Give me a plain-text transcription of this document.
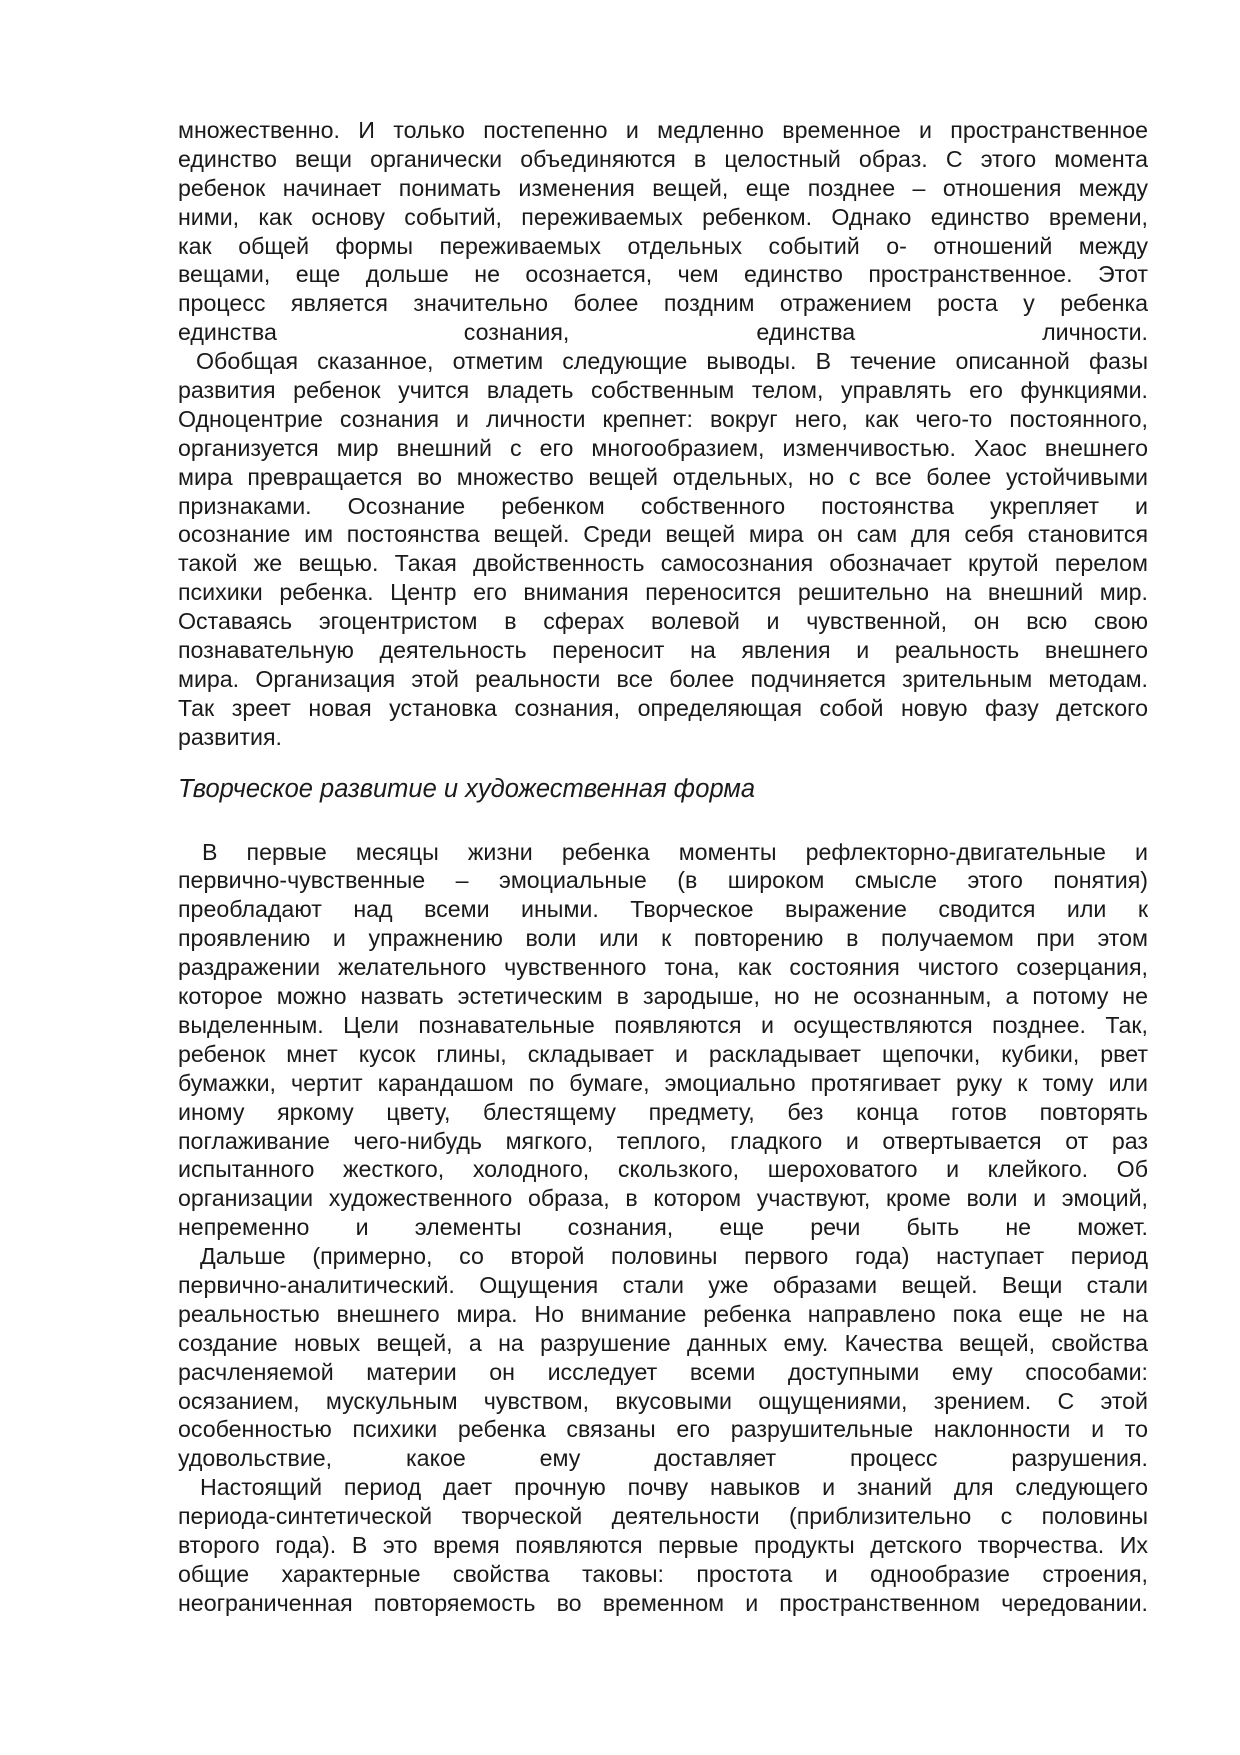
множественно. И только постепенно и медленно временное и пространственное
единство вещи органически объединяются в целостный образ. С этого момента
ребенок начинает понимать изменения вещей, еще позднее – отношения между
ними, как основу событий, переживаемых ребенком. Однако единство времени,
как общей формы переживаемых отдельных событий о- отношений между
вещами, еще дольше не осознается, чем единство пространственное. Этот
процесс является значительно более поздним отражением роста у ребенка
единства сознания, единства личности.
Обобщая сказанное, отметим следующие выводы. В течение описанной фазы
развития ребенок учится владеть собственным телом, управлять его функциями.
Одноцентрие сознания и личности крепнет: вокруг него, как чего-то постоянного,
организуется мир внешний с его многообразием, изменчивостью. Хаос внешнего
мира превращается во множество вещей отдельных, но с все более устойчивыми
признаками. Осознание ребенком собственного постоянства укрепляет и
осознание им постоянства вещей. Среди вещей мира он сам для себя становится
такой же вещью. Такая двойственность самосознания обозначает крутой перелом
психики ребенка. Центр его внимания переносится решительно на внешний мир.
Оставаясь эгоцентристом в сферах волевой и чувственной, он всю свою
познавательную деятельность переносит на явления и реальность внешнего
мира. Организация этой реальности все более подчиняется зрительным методам.
Так зреет новая установка сознания, определяющая собой новую фазу детского
развития.
Творческое развитие и художественная форма
В первые месяцы жизни ребенка моменты рефлекторно-двигательные и
первично-чувственные – эмоциальные (в широком смысле этого понятия)
преобладают над всеми иными. Творческое выражение сводится или к
проявлению и упражнению воли или к повторению в получаемом при этом
раздражении желательного чувственного тона, как состояния чистого созерцания,
которое можно назвать эстетическим в зародыше, но не осознанным, а потому не
выделенным. Цели познавательные появляются и осуществляются позднее. Так,
ребенок мнет кусок глины, складывает и раскладывает щепочки, кубики, рвет
бумажки, чертит карандашом по бумаге, эмоциально протягивает руку к тому или
иному яркому цвету, блестящему предмету, без конца готов повторять
поглаживание чего-нибудь мягкого, теплого, гладкого и отвертывается от раз
испытанного жесткого, холодного, скользкого, шероховатого и клейкого. Об
организации художественного образа, в котором участвуют, кроме воли и эмоций,
непременно и элементы сознания, еще речи быть не может.
Дальше (примерно, со второй половины первого года) наступает период
первично-аналитический. Ощущения стали уже образами вещей. Вещи стали
реальностью внешнего мира. Но внимание ребенка направлено пока еще не на
создание новых вещей, а на разрушение данных ему. Качества вещей, свойства
расчленяемой материи он исследует всеми доступными ему способами:
осязанием, мускульным чувством, вкусовыми ощущениями, зрением. С этой
особенностью психики ребенка связаны его разрушительные наклонности и то
удовольствие, какое ему доставляет процесс разрушения.
Настоящий период дает прочную почву навыков и знаний для следующего
периода-синтетической творческой деятельности (приблизительно с половины
второго года). В это время появляются первые продукты детского творчества. Их
общие характерные свойства таковы: простота и однообразие строения,
неограниченная повторяемость во временном и пространственном чередовании.
